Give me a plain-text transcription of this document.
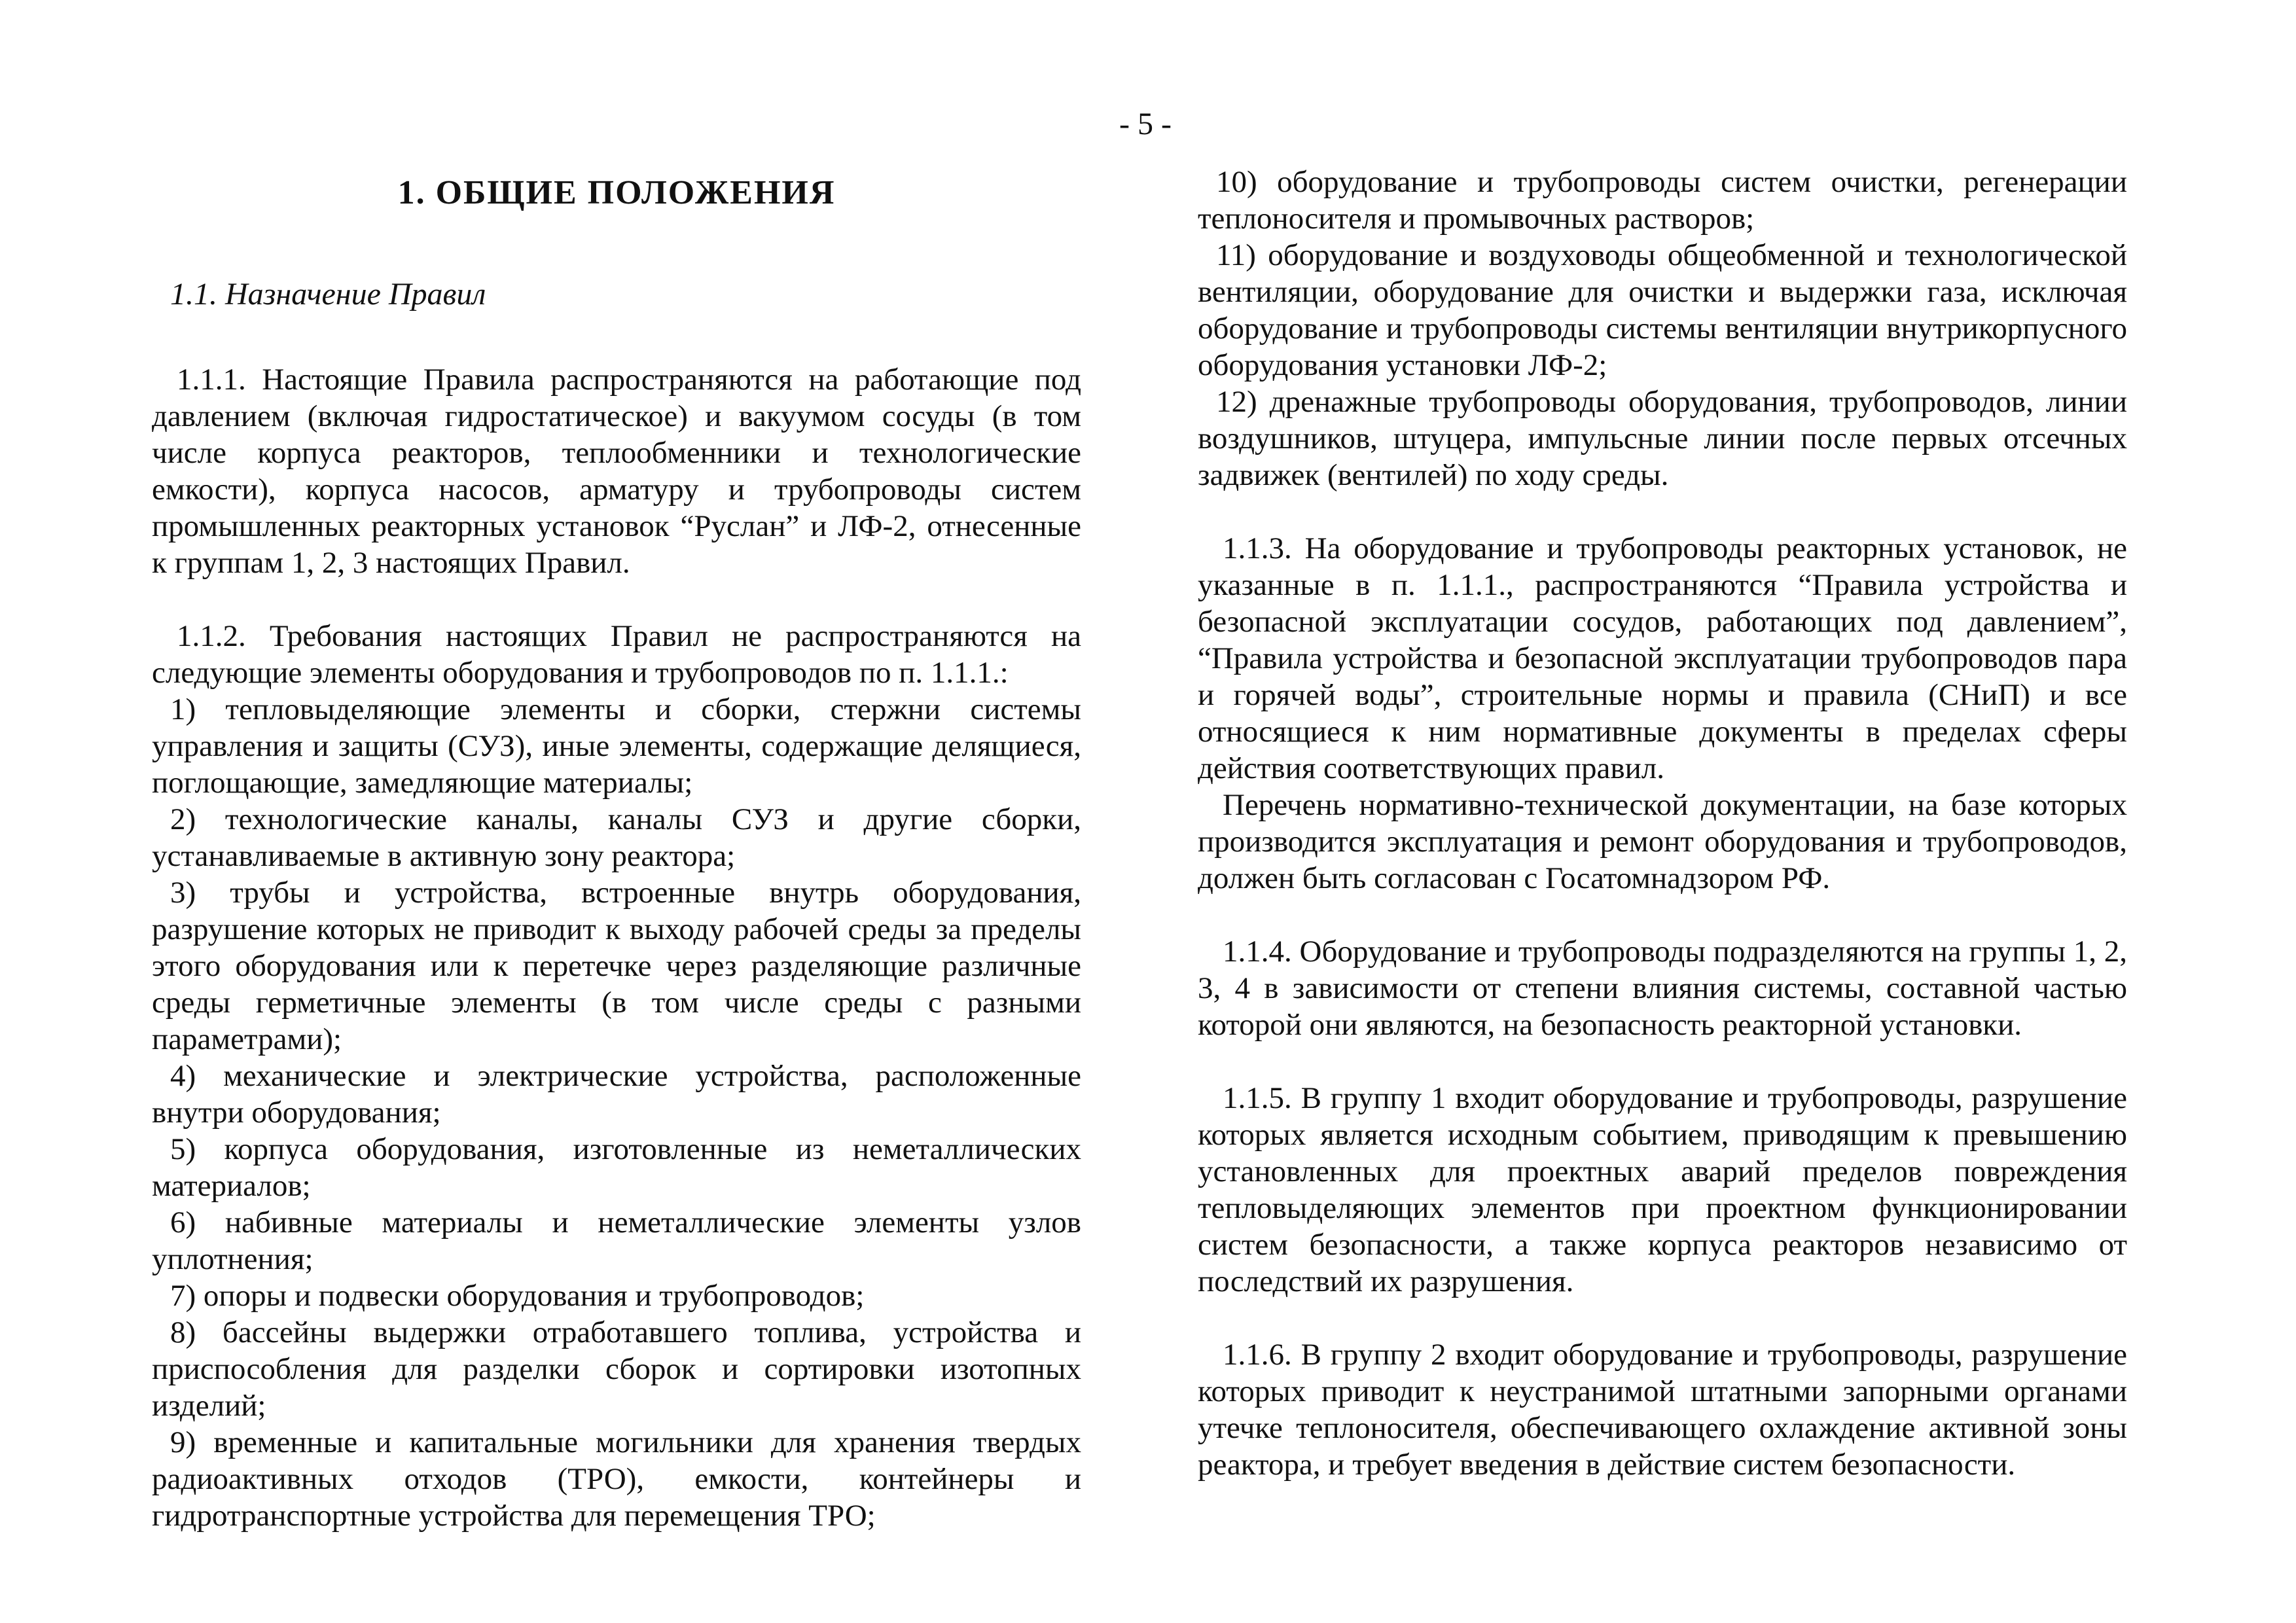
- 5 -
1. ОБЩИЕ ПОЛОЖЕНИЯ
1.1. Назначение Правил

1.1.1. Настоящие Правила распространяются на работающие под давлением (включая гидростатическое) и вакуумом сосуды (в том числе корпуса реакторов, теплообменники и технологические емкости), корпуса насосов, арматуру и трубопроводы систем промышленных реакторных установок “Руслан” и ЛФ-2, отнесенные к группам 1, 2, 3 настоящих Правил.

1.1.2. Требования настоящих Правил не распространяются на следующие элементы оборудования и трубопроводов по п. 1.1.1.:

1) тепловыделяющие элементы и сборки, стержни системы управления и защиты (СУЗ), иные элементы, содержащие делящиеся, поглощающие, замедляющие материалы;

2) технологические каналы, каналы СУЗ и другие сборки, устанавливаемые в активную зону реактора;

3) трубы и устройства, встроенные внутрь оборудования, разрушение которых не приводит к выходу рабочей среды за пределы этого оборудования или к перетечке через разделяющие различные среды герметичные элементы (в том числе среды с разными параметрами);

4) механические и электрические устройства, расположенные внутри оборудования;

5) корпуса оборудования, изготовленные из неметаллических материалов;

6) набивные материалы и неметаллические элементы узлов уплотнения;

7) опоры и подвески оборудования и трубопроводов;

8) бассейны выдержки отработавшего топлива, устройства и приспособления для разделки сборок и сортировки изотопных изделий;

9) временные и капитальные могильники для хранения твердых радиоактивных отходов (ТРО), емкости, контейнеры и гидротранспортные устройства для перемещения ТРО;

10) оборудование и трубопроводы систем очистки, регенерации теплоносителя и промывочных растворов;

11) оборудование и воздуховоды общеобменной и технологической вентиляции, оборудование для очистки и выдержки газа, исключая оборудование и трубопроводы системы вентиляции внутрикорпусного оборудования установки ЛФ-2;

12) дренажные трубопроводы оборудования, трубопроводов, линии воздушников, штуцера, импульсные линии после первых отсечных задвижек (вентилей) по ходу среды.

1.1.3. На оборудование и трубопроводы реакторных установок, не указанные в п. 1.1.1., распространяются “Правила устройства и безопасной эксплуатации сосудов, работающих под давлением”, “Правила устройства и безопасной эксплуатации трубопроводов пара и горячей воды”, строительные нормы и правила (СНиП) и все относящиеся к ним нормативные документы в пределах сферы действия соответствующих правил.

Перечень нормативно-технической документации, на базе которых производится эксплуатация и ремонт оборудования и трубопроводов, должен быть согласован с Госатомнадзором РФ.

1.1.4. Оборудование и трубопроводы подразделяются на группы 1, 2, 3, 4 в зависимости от степени влияния системы, составной частью которой они являются, на безопасность реакторной установки.

1.1.5. В группу 1 входит оборудование и трубопроводы, разрушение которых является исходным событием, приводящим к превышению установленных для проектных аварий пределов повреждения тепловыделяющих элементов при проектном функционировании систем безопасности, а также корпуса реакторов независимо от последствий их разрушения.

1.1.6. В группу 2 входит оборудование и трубопроводы, разрушение которых приводит к неустранимой штатными запорными органами утечке теплоносителя, обеспечивающего охлаждение активной зоны реактора, и требует введения в действие систем безопасности.
